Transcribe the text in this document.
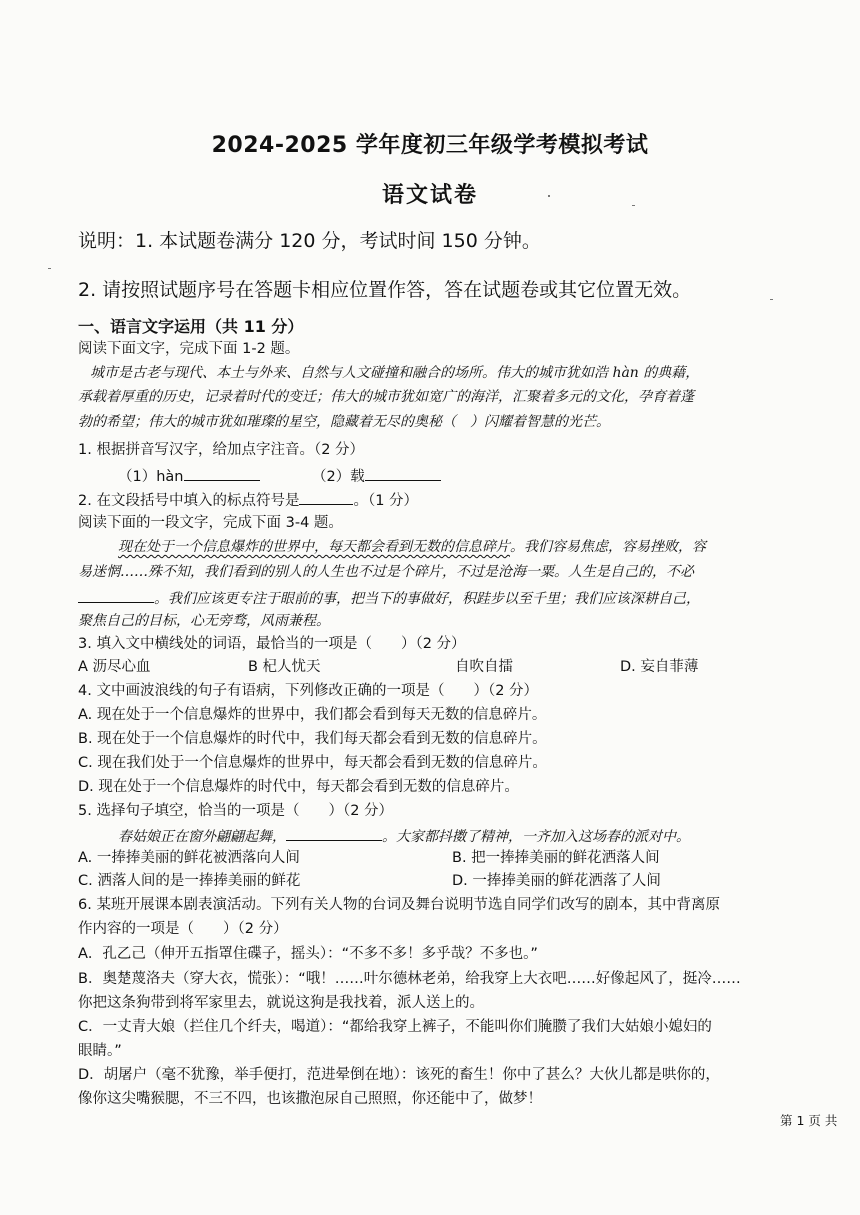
2024-2025 学年度初三年级学考模拟考试
语文试卷
说明：1. 本试题卷满分 120 分，考试时间 150 分钟。
2. 请按照试题序号在答题卡相应位置作答，答在试题卷或其它位置无效。
一、语言文字运用（共 11 分）
阅读下面文字，完成下面 1-2 题。
城市是古老与现代、本土与外来、自然与人文碰撞和融合的场所。伟大的城市犹如浩 hàn 的典藉，
承载着厚重的历史，记录着时代的变迁；伟大的城市犹如宽广的海洋，汇聚着多元的文化，孕育着蓬
勃的希望；伟大的城市犹如璀璨的星空，隐藏着无尽的奥秘（　）闪耀着智慧的光芒。
1. 根据拼音写汉字，给加点字注音。（2 分）
（1）hàn	（2）载
2. 在文段括号中填入的标点符号是	。（1 分）
阅读下面的一段文字，完成下面 3-4 题。
现在处于一个信息爆炸的世界中，每天都会看到无数的信息碎片。我们容易焦虑，容易挫败，容
易迷惘……殊不知，我们看到的别人的人生也不过是个碎片，不过是沧海一粟。人生是自己的，不必
。我们应该更专注于眼前的事，把当下的事做好，积跬步以至千里；我们应该深耕自己，
聚焦自己的目标，心无旁骛，风雨兼程。
3. 填入文中横线处的词语，最恰当的一项是（　　）（2 分）
A 沥尽心血	B 杞人忧天	自吹自擂	D. 妄自菲薄
4. 文中画波浪线的句子有语病，下列修改正确的一项是（　　）（2 分）
A. 现在处于一个信息爆炸的世界中，我们都会看到每天无数的信息碎片。
B. 现在处于一个信息爆炸的时代中，我们每天都会看到无数的信息碎片。
C. 现在我们处于一个信息爆炸的世界中，每天都会看到无数的信息碎片。
D. 现在处于一个信息爆炸的时代中，每天都会看到无数的信息碎片。
5. 选择句子填空，恰当的一项是（　　）（2 分）
春姑娘正在窗外翩翩起舞，	。大家都抖擞了精神，一齐加入这场春的派对中。
A. 一捧捧美丽的鲜花被洒落向人间	B. 把一捧捧美丽的鲜花洒落人间
C. 洒落人间的是一捧捧美丽的鲜花	D. 一捧捧美丽的鲜花洒落了人间
6. 某班开展课本剧表演活动。下列有关人物的台词及舞台说明节选自同学们改写的剧本，其中背离原
作内容的一项是（　　）（2 分）
A．孔乙己（伸开五指罩住碟子，摇头）：“不多不多！多乎哉？不多也。”
B．奥楚蔑洛夫（穿大衣，慌张）：“哦！……叶尔德林老弟，给我穿上大衣吧……好像起风了，挺冷……
你把这条狗带到将军家里去，就说这狗是我找着，派人送上的。
C．一丈青大娘（拦住几个纤夫，喝道）：“都给我穿上裤子，不能叫你们腌臜了我们大姑娘小媳妇的
眼睛。”
D．胡屠户（毫不犹豫，举手便打，范进晕倒在地）：该死的畜生！你中了甚么？大伙儿都是哄你的，
像你这尖嘴猴腮，不三不四，也该撒泡尿自己照照，你还能中了，做梦！
第 1 页 共
